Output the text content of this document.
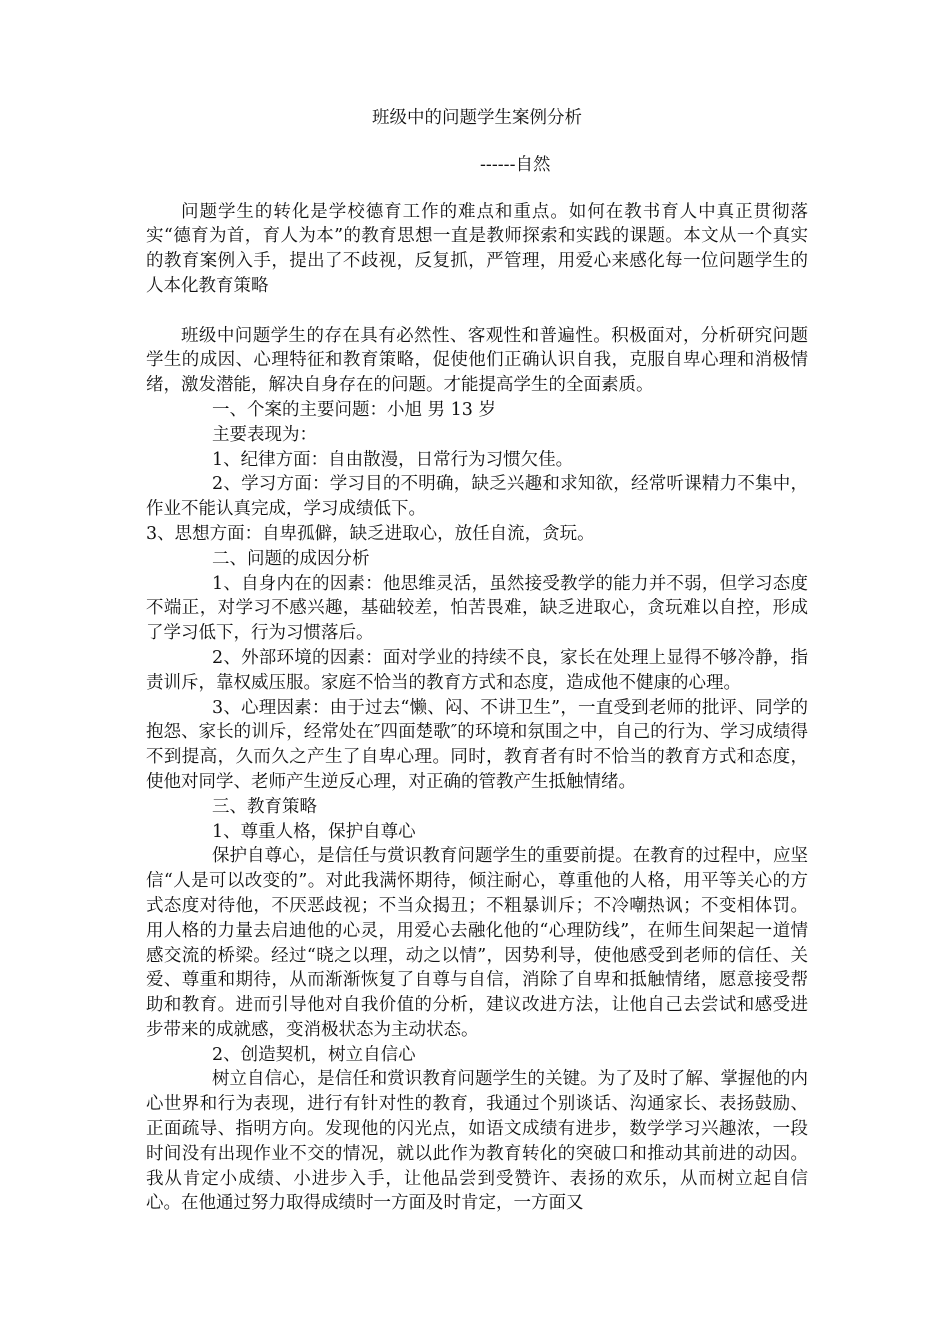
班级中的问题学生案例分析

------自然

问题学生的转化是学校德育工作的难点和重点。如何在教书育人中真正贯彻落实“德育为首，育人为本”的教育思想一直是教师探索和实践的课题。本文从一个真实的教育案例入手，提出了不歧视，反复抓，严管理，用爱心来感化每一位问题学生的人本化教育策略

班级中问题学生的存在具有必然性、客观性和普遍性。积极面对，分析研究问题学生的成因、心理特征和教育策略，促使他们正确认识自我，克服自卑心理和消极情绪，激发潜能，解决自身存在的问题。才能提高学生的全面素质。

一、个案的主要问题：小旭 男 13 岁

主要表现为：

1、纪律方面：自由散漫，日常行为习惯欠佳。

2、学习方面：学习目的不明确，缺乏兴趣和求知欲，经常听课精力不集中，作业不能认真完成，学习成绩低下。

3、思想方面：自卑孤僻，缺乏进取心，放任自流，贪玩。

二、问题的成因分析

1、自身内在的因素：他思维灵活，虽然接受教学的能力并不弱，但学习态度不端正，对学习不感兴趣，基础较差，怕苦畏难，缺乏进取心，贪玩难以自控，形成了学习低下，行为习惯落后。

2、外部环境的因素：面对学业的持续不良，家长在处理上显得不够冷静，指责训斥，靠权威压服。家庭不恰当的教育方式和态度，造成他不健康的心理。

3、心理因素：由于过去“懒、闷、不讲卫生”，一直受到老师的批评、同学的抱怨、家长的训斥，经常处在″四面楚歌″的环境和氛围之中，自己的行为、学习成绩得不到提高，久而久之产生了自卑心理。同时，教育者有时不恰当的教育方式和态度，使他对同学、老师产生逆反心理，对正确的管教产生抵触情绪。

三、教育策略

1、尊重人格，保护自尊心

保护自尊心，是信任与赏识教育问题学生的重要前提。在教育的过程中，应坚信“人是可以改变的”。对此我满怀期待，倾注耐心，尊重他的人格，用平等关心的方式态度对待他，不厌恶歧视；不当众揭丑；不粗暴训斥；不冷嘲热讽；不变相体罚。用人格的力量去启迪他的心灵，用爱心去融化他的“心理防线”，在师生间架起一道情感交流的桥梁。经过“晓之以理，动之以情”，因势利导，使他感受到老师的信任、关爱、尊重和期待，从而渐渐恢复了自尊与自信，消除了自卑和抵触情绪，愿意接受帮助和教育。进而引导他对自我价值的分析，建议改进方法，让他自己去尝试和感受进步带来的成就感，变消极状态为主动状态。

2、创造契机，树立自信心

树立自信心，是信任和赏识教育问题学生的关键。为了及时了解、掌握他的内心世界和行为表现，进行有针对性的教育，我通过个别谈话、沟通家长、表扬鼓励、正面疏导、指明方向。发现他的闪光点，如语文成绩有进步，数学学习兴趣浓，一段时间没有出现作业不交的情况，就以此作为教育转化的突破口和推动其前进的动因。我从肯定小成绩、小进步入手，让他品尝到受赞许、表扬的欢乐，从而树立起自信心。在他通过努力取得成绩时一方面及时肯定，一方面又
